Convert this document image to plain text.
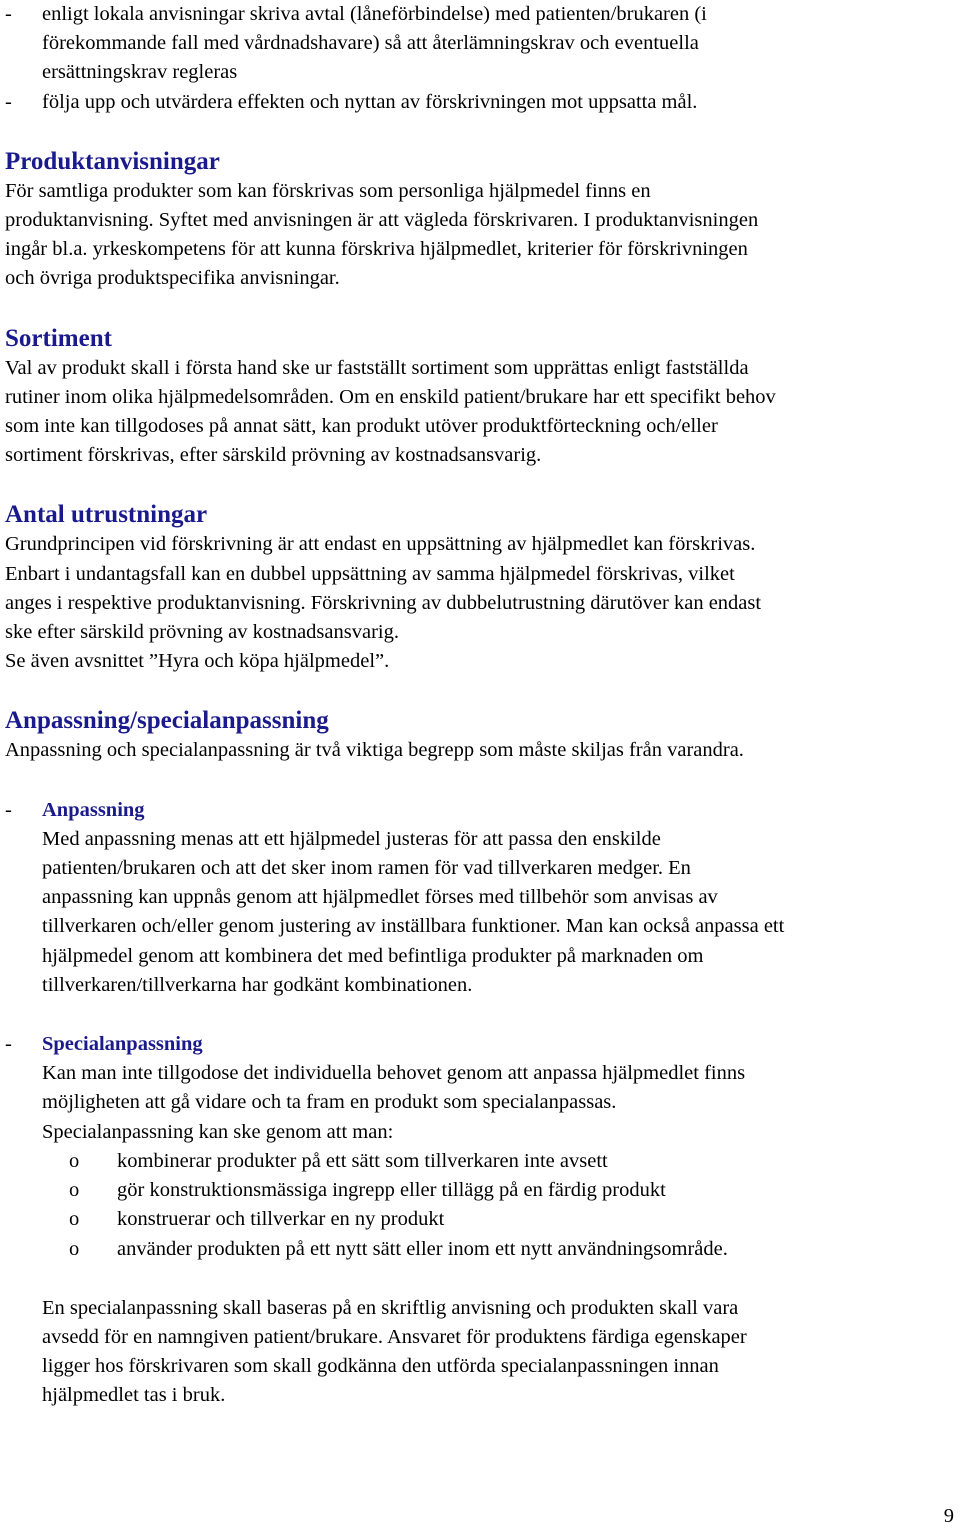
- enligt lokala anvisningar skriva avtal (låneförbindelse) med patienten/brukaren (i

förekommande fall med vårdnadshavare) så att återlämningskrav och eventuella

ersättningskrav regleras

- följa upp och utvärdera effekten och nyttan av förskrivningen mot uppsatta mål.

Produktanvisningar

För samtliga produkter som kan förskrivas som personliga hjälpmedel finns en

produktanvisning. Syftet med anvisningen är att vägleda förskrivaren. I produktanvisningen

ingår bl.a. yrkeskompetens för att kunna förskriva hjälpmedlet, kriterier för förskrivningen

och övriga produktspecifika anvisningar.

Sortiment

Val av produkt skall i första hand ske ur fastställt sortiment som upprättas enligt fastställda

rutiner inom olika hjälpmedelsområden. Om en enskild patient/brukare har ett specifikt behov

som inte kan tillgodoses på annat sätt, kan produkt utöver produktförteckning och/eller

sortiment förskrivas, efter särskild prövning av kostnadsansvarig.

Antal utrustningar

Grundprincipen vid förskrivning är att endast en uppsättning av hjälpmedlet kan förskrivas.

Enbart i undantagsfall kan en dubbel uppsättning av samma hjälpmedel förskrivas, vilket

anges i respektive produktanvisning. Förskrivning av dubbelutrustning därutöver kan endast

ske efter särskild prövning av kostnadsansvarig.

Se även avsnittet ”Hyra och köpa hjälpmedel”.

Anpassning/specialanpassning

Anpassning och specialanpassning är två viktiga begrepp som måste skiljas från varandra.

- Anpassning

Med anpassning menas att ett hjälpmedel justeras för att passa den enskilde

patienten/brukaren och att det sker inom ramen för vad tillverkaren medger. En

anpassning kan uppnås genom att hjälpmedlet förses med tillbehör som anvisas av

tillverkaren och/eller genom justering av inställbara funktioner. Man kan också anpassa ett

hjälpmedel genom att kombinera det med befintliga produkter på marknaden om

tillverkaren/tillverkarna har godkänt kombinationen.

- Specialanpassning

Kan man inte tillgodose det individuella behovet genom att anpassa hjälpmedlet finns

möjligheten att gå vidare och ta fram en produkt som specialanpassas.

Specialanpassning kan ske genom att man:

o kombinerar produkter på ett sätt som tillverkaren inte avsett

o gör konstruktionsmässiga ingrepp eller tillägg på en färdig produkt

o konstruerar och tillverkar en ny produkt

o använder produkten på ett nytt sätt eller inom ett nytt användningsområde.

En specialanpassning skall baseras på en skriftlig anvisning och produkten skall vara

avsedd för en namngiven patient/brukare. Ansvaret för produktens färdiga egenskaper

ligger hos förskrivaren som skall godkänna den utförda specialanpassningen innan

hjälpmedlet tas i bruk.

9
